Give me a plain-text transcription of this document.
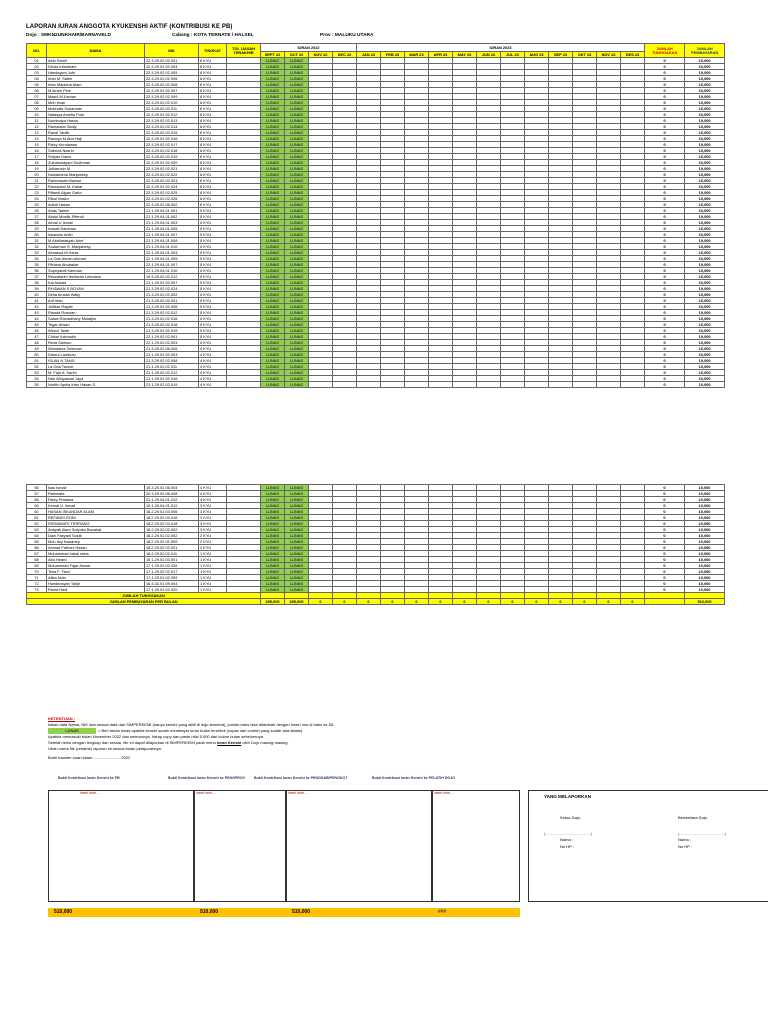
LAPORAN IURAN ANGGOTA KYUKENSHI AKTIF (KONTRIBUSI KE PB)
Dojo : SMKN2UNKHAIR/BARNAVELD	Cabang : KOTA TERNATE / HALSEL	Prov : MALUKU UTARA
NO.	NAMA	NIK	TINGKAT	TGL IJASAH TERAKHIR	IURAN 2022				IURAN 2023												JUMLAH TUNGGAKAN	JUMLAH PEMBAYARAN
					SEPT 22	OCT 22	NOV 22	DEC 22	JAN 23	FEB 23	MAR 23	APR 23	MAY 23	JUN 23	JUL 23	AUG 23	SEP 23	OKT 23	NOV 23	DES 23		
01	Aldo Ramli	22.3.29.02.02.001	6 KYU		LUNAS	LUNAS															0	10,000
02	Dinda Infantriani	22.3.29.02.02.004	6 KYU		LUNAS	LUNAS															0	10,000
03	Handayani Jufri	22.3.29.02.02.005	6 KYU		LUNAS	LUNAS															0	10,000
04	Irfan M. Saleh	22.3.29.02.02.006	6 KYU		LUNAS	LUNAS															0	10,000
05	Irfan Maulana Alam	22.3.29.02.02.008	6 KYU		LUNAS	LUNAS															0	10,000
06	M.Ikram Pine	22.3.29.02.02.007	6 KYU		LUNAS	LUNAS															0	10,000
07	Masril M.Usman	22.3.29.02.02.009	6 KYU		LUNAS	LUNAS															0	10,000
08	Muh.Irvan	22.3.29.02.02.010	6 KYU		LUNAS	LUNAS															0	10,000
09	Mukhalis Sukarman	22.3.29.02.02.011	6 KYU		LUNAS	LUNAS															0	10,000
10	Natasya Amelia Putri	22.3.29.02.02.012	6 KYU		LUNAS	LUNAS															0	10,000
11	Nurhinaya Hasnu	22.3.29.02.02.013	6 KYU		LUNAS	LUNAS															0	10,000
12	Ramadani Sadly	22.3.29.02.02.014	6 KYU		LUNAS	LUNAS															0	10,000
13	Randi Taufik	22.3.29.02.02.015	6 KYU		LUNAS	LUNAS															0	10,000
14	Rannga M Abd Haji	22.3.29.02.02.016	6 KYU		LUNAS	LUNAS															0	10,000
15	Rizky Kurniawan	22.3.29.02.02.017	6 KYU		LUNAS	LUNAS															0	10,000
16	Sabrina Nasrin	22.3.29.02.02.018	6 KYU		LUNAS	LUNAS															0	10,000
17	Sofyan Dauis	22.3.29.02.02.019	6 KYU		LUNAS	LUNAS															0	10,000
18	Zulhamdayani Sudirman	22.3.29.02.02.020	6 KYU		LUNAS	LUNAS															0	10,000
19	Julkarnain M	22.3.29.02.02.021	6 KYU		LUNAS	LUNAS															0	10,000
20	Nurtakbima Manjabesy	22.3.29.02.02.022	6 KYU		LUNAS	LUNAS															0	10,000
21	Rahmawati Mansur	22.3.29.02.02.023	6 KYU		LUNAS	LUNAS															0	10,000
22	Ramadani M. Kahar	22.3.29.02.02.024	6 KYU		LUNAS	LUNAS															0	10,000
23	Rifandi Algan Gafur	22.3.29.02.02.025	6 KYU		LUNAS	LUNAS															0	10,000
24	Rikal Hasim	22.3.29.02.02.026	6 KYU		LUNAS	LUNAS															0	10,000
25	Adiuti Hasan	22.3.29.02.06.002	6 KYU		LUNAS	LUNAS															0	10,000
26	Abas Taimin	21.1.29.04.01.001	5 KYU		LUNAS	LUNAS															0	10,000
27	Abdul Muafik Effendi	21.1.29.04.01.002	5 KYU		LUNAS	LUNAS															0	10,000
28	Aimal U Ismail	21.1.29.04.01.003	5 KYU		LUNAS	LUNAS															0	10,000
29	Irawati Sambrun	21.1.29.04.01.005	5 KYU		LUNAS	LUNAS															0	10,000
30	Iskandar Arifin	21.1.29.04.01.007	5 KYU		LUNAS	LUNAS															0	10,000
31	M Abdilarasyah Arief	21.1.29.04.01.008	5 KYU		LUNAS	LUNAS															0	10,000
32	Sudarman S. Manjabesy	21.1.29.04.01.010	5 KYU		LUNAS	LUNAS															0	10,000
33	Almasua M.Hanis	22.1.29.04.01.003	5 KYU		LUNAS	LUNAS															0	10,000
34	La Ode Aiman Ahmad	22.1.29.04.01.005	5 KYU		LUNAS	LUNAS															0	10,000
35	Fitriana Abubakar	22.1.29.04.01.007	5 KYU		LUNAS	LUNAS															0	10,000
36	Supriyandi Kaeman	22.1.29.04.01.010	5 KYU		LUNAS	LUNAS															0	10,000
37	Rezzafarim ferdianto Leledane	19.3.29.02.02.012	5 KYU		LUNAS	LUNAS															0	10,000
38	Kai Aswad	21.1.29.02.02.007	5 KYU		LUNAS	LUNAS															0	10,000
39	RIYAWAN S BOYAN	21.3.29.02.02.024	5 KYU		LUNAS	LUNAS															0	10,000
40	Della Amalia Wally	21.3.29.02.02.002	5 KYU		LUNAS	LUNAS															0	10,000
41	Arif Irfan	21.3.29.02.02.001	5 KYU		LUNAS	LUNAS															0	10,000
42	Julfikar Rayati	21.3.29.02.02.006	5 KYU		LUNAS	LUNAS															0	10,000
43	Rianda Ruswan	21.3.29.02.02.012	5 KYU		LUNAS	LUNAS															0	10,000
44	Salwa Ramadhany Mulatjim	21.3.29.02.02.016	5 KYU		LUNAS	LUNAS															0	10,000
45	Tegar Ahsan	21.3.29.02.02.018	5 KYU		LUNAS	LUNAS															0	10,000
46	Welori Taide	21.3.29.02.02.019	5 KYU		LUNAS	LUNAS															0	10,000
47	Chikal Kalmudin	22.1.29.02.02.001	5 KYU		LUNAS	LUNAS															0	10,000
48	Reza Salmun	22.1.29.02.02.003	5 KYU		LUNAS	LUNAS															0	10,000
49	Wahdania Soleman	21.3.29.02.06.006	4 KYU		LUNAS	LUNAS															0	10,000
50	Dahrul Lambutu	21.1.29.02.02.003	4 KYU		LUNAS	LUNAS															0	10,000
51	ISLAN N.TANG	21.3.29.02.02.008	4 KYU		LUNAS	LUNAS															0	10,000
52	La Oda Tamsir	21.1.29.02.02.011	4 KYU		LUNAS	LUNAS															0	10,000
53	M. Fajri A. Karim	21.1.29.02.02.012	4 KYU		LUNAS	LUNAS															0	10,000
54	Nita Widyawari Jaya	21.1.29.02.02.016	4 KYU		LUNAS	LUNAS															0	10,000
55	Nurfitri Aprila Irfan Hasan S.	21.1.29.02.02.019	4 KYU		LUNAS	LUNAS															0	10,000
56	Ikas Ismail	19.3.29.02.06.004	4 KYU		LUNAS	LUNAS															0	10,000
57	Rahmalia	20.3.29.02.06.008	4 KYU		LUNAS	LUNAS															0	10,000
58	Rizky Pratama	21.1.29.04.01.012	4 KYU		LUNAS	LUNAS															0	10,000
59	Kemal U. Ismail	19.1.29.04.01.012	3 KYU		LUNAS	LUNAS															0	10,000
60	HASAN ISKANDAR ALAM	18.2.29.02.03.006	3 KYU		LUNAS	LUNAS															0	10,000
61	REFANDI RONI	18.2.29.02.03.016	3 KYU		LUNAS	LUNAS															0	10,000
62	RISMAWATI TERRANG	18.2.29.02.03.018	3 KYU		LUNAS	LUNAS															0	10,000
63	Anayati Alam Sofyoko Banakat	18.2.29.02.02.002	3 KYU		LUNAS	LUNAS															0	10,000
64	Dian Fabyani Susiti	18.2.29.02.02.002	2 KYU		LUNAS	LUNAS															0	10,000
65	Muh.Isqi Kalalmey	18.2.29.02.02.009	2 KYU		LUNAS	LUNAS															0	10,000
66	Ahmad Fathoni Hasan	18.2.29.02.02.001	2 KYU		LUNAS	LUNAS															0	10,000
67	Muhammad hakal ratus	18.2.29.02.02.011	1 KYU		LUNAS	LUNAS															0	10,000
68	Abu Heard	15.1.29.02.03.001	1 KYU		LUNAS	LUNAS															0	10,000
69	Muhammad Fajar Anwar	17.1.29.02.02.026	1 KYU		LUNAS	LUNAS															0	10,000
70	Tesa F. Tiani	17.1.29.02.02.017	1 KYU		LUNAS	LUNAS															0	10,000
71	Atika Nuin	17.1.29.02.02.009	1 KYU		LUNAS	LUNAS															0	10,000
72	Hardiansyah Tahjir	16.3.32.01.09.004	1 KYU		LUNAS	LUNAS															0	10,000
73	Riana Hadi	17.1.29.02.02.020	1 KYU		LUNAS	LUNAS															0	10,000
JUMLAH TUNGGAKAN																						
JUMLAH PEMBAYARAN PER BULAN					255,000	255,000	0	0	0	0	0	0	0	0	0	0	0	0	0	0		510,000
KETENTUAN :
Isikan data Nama, NIK dan sesuai data dari SIMPERKEMI (hanya kenshi yang aktif di dojo tersebut), jumlah baris bisa ditambah dengan insert row di baris ke-55.
LUNAS	= Beri tanda lunas apabila kenshi sudah membayar iuran bulan tersebut (copas dari contoh yang sudah ada diatas).
Apabila memasuki bulan November 2022 dan seterusnya, harap copy dan paste nilai 5.000 dari kolom bulan sebelumnya.
Setelah terisi dengan lengkap dan sesuai, file ini dapat dilaporkan di SIMPERKEMI pada menu Iuran Kenshi oleh Dojo masing-masing.
Ubah nama file (rename) laporan ini sesuai bulan pelaporannya.
Bukti transfer iuran bulan ........................ 2022
Bukti Kontribusi Iuran Kenshi ke PB	Bukti Kontribusi Iuran Kenshi ke PENGPROV Bukti Kontribusi Iuran Kenshi ke PENGKAB/PENGKOT	Bukti Kontribusi Iuran Kenshi ke PELATIH DOJO
insert here....	insert here....	insert here....	insert here....
510,000	510,000	510,000	###
YANG MELAPORKAN
Ketua Dojo,	Bendahara Dojo,
(.........................................)	(.........................................)
Nama :
No HP :
Nama :
No HP :
